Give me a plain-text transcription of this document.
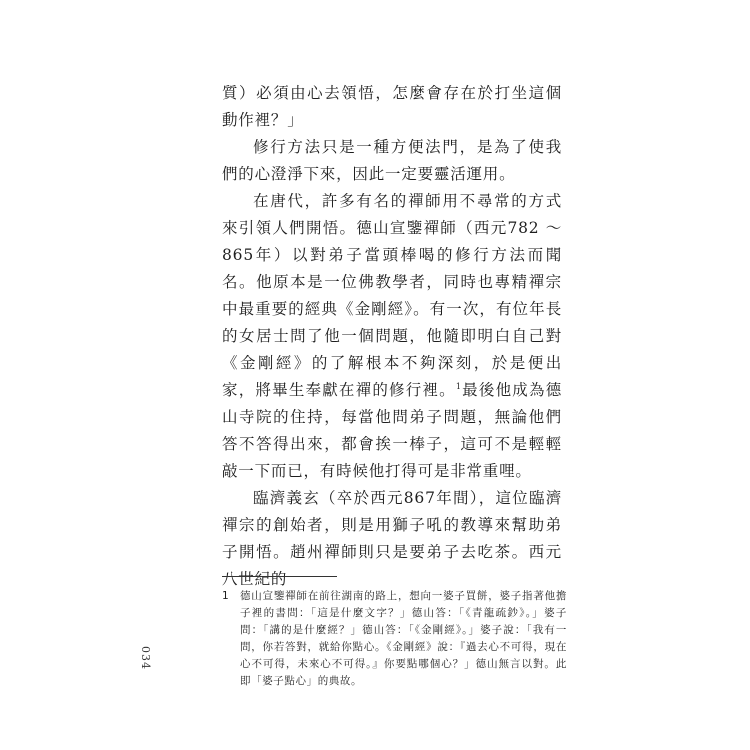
質）必須由心去領悟，怎麼會存在於打坐這個動作裡？」

修行方法只是一種方便法門，是為了使我們的心澄淨下來，因此一定要靈活運用。

在唐代，許多有名的禪師用不尋常的方式來引領人們開悟。德山宣鑒禪師（西元782 ～ 865年）以對弟子當頭棒喝的修行方法而聞名。他原本是一位佛教學者，同時也專精禪宗中最重要的經典《金剛經》。有一次，有位年長的女居士問了他一個問題，他隨即明白自己對《金剛經》的了解根本不夠深刻，於是便出家，將畢生奉獻在禪的修行裡。$^1$最後他成為德山寺院的住持，每當他問弟子問題，無論他們答不答得出來，都會挨一棒子，這可不是輕輕敲一下而已，有時候他打得可是非常重哩。

臨濟義玄（卒於西元867年間），這位臨濟禪宗的創始者，則是用獅子吼的教導來幫助弟子開悟。趙州禪師則只是要弟子去吃茶。西元八世紀的

1	德山宣鑒禪師在前往湖南的路上，想向一婆子買餅，婆子指著他擔子裡的書問：「這是什麼文字？」德山答：「《青龍疏鈔》。」婆子問：「講的是什麼經？」德山答：「《金剛經》。」婆子說：「我有一問，你若答對，就給你點心。《金剛經》說：『過去心不可得，現在心不可得，未來心不可得。』你要點哪個心？」德山無言以對。此即「婆子點心」的典故。
034
